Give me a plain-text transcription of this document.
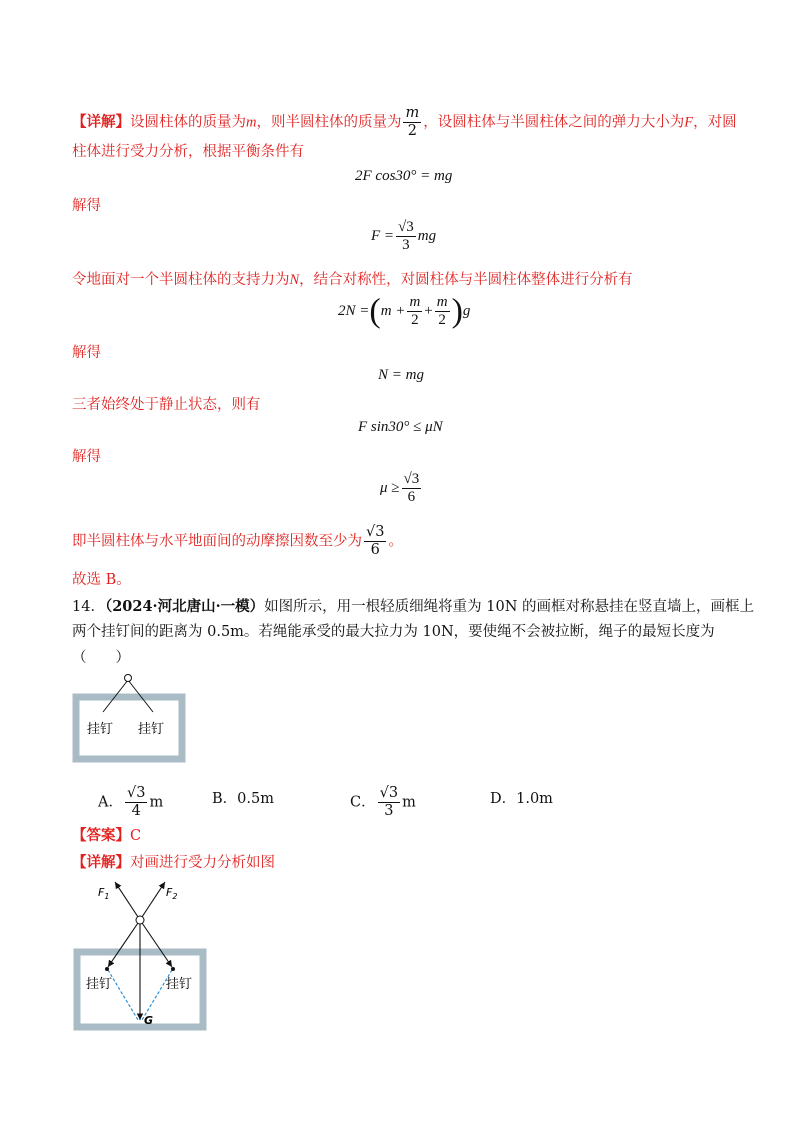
【详解】设圆柱体的质量为m，则半圆柱体的质量为 $\frac{m}{2}$ ，设圆柱体与半圆柱体之间的弹力大小为F，对圆
柱体进行受力分析，根据平衡条件有
2F cos30° = mg
解得
$F = \frac{√3}{3}$ mg
令地面对一个半圆柱体的支持力为N，结合对称性，对圆柱体与半圆柱体整体进行分析有
$2N =(m + \frac{m}{2} + \frac{m}{2} )g$
解得
N = mg
三者始终处于静止状态，则有
F sin30° ≤ μN
解得
$\mu \ge \frac{√3}{6}$
即半圆柱体与水平地面间的动摩擦因数至少为 $\frac{√3}{6}$ 。
故选 B。
14．（2024·河北唐山·一模）如图所示，用一根轻质细绳将重为 10N 的画框对称悬挂在竖直墙上，画框上
两个挂钉间的距离为 0.5m。若绳能承受的最大拉力为 10N，要使绳不会被拉断，绳子的最短长度为
（　　）
挂钉 挂钉
A． $\frac{√3}{4}$ m	B．0.5m	C． $\frac{√3}{3}$ m	D．1.0m
【答案】C
【详解】对画进行受力分析如图
$F_1$	$F_2$
挂钉	挂钉
G
